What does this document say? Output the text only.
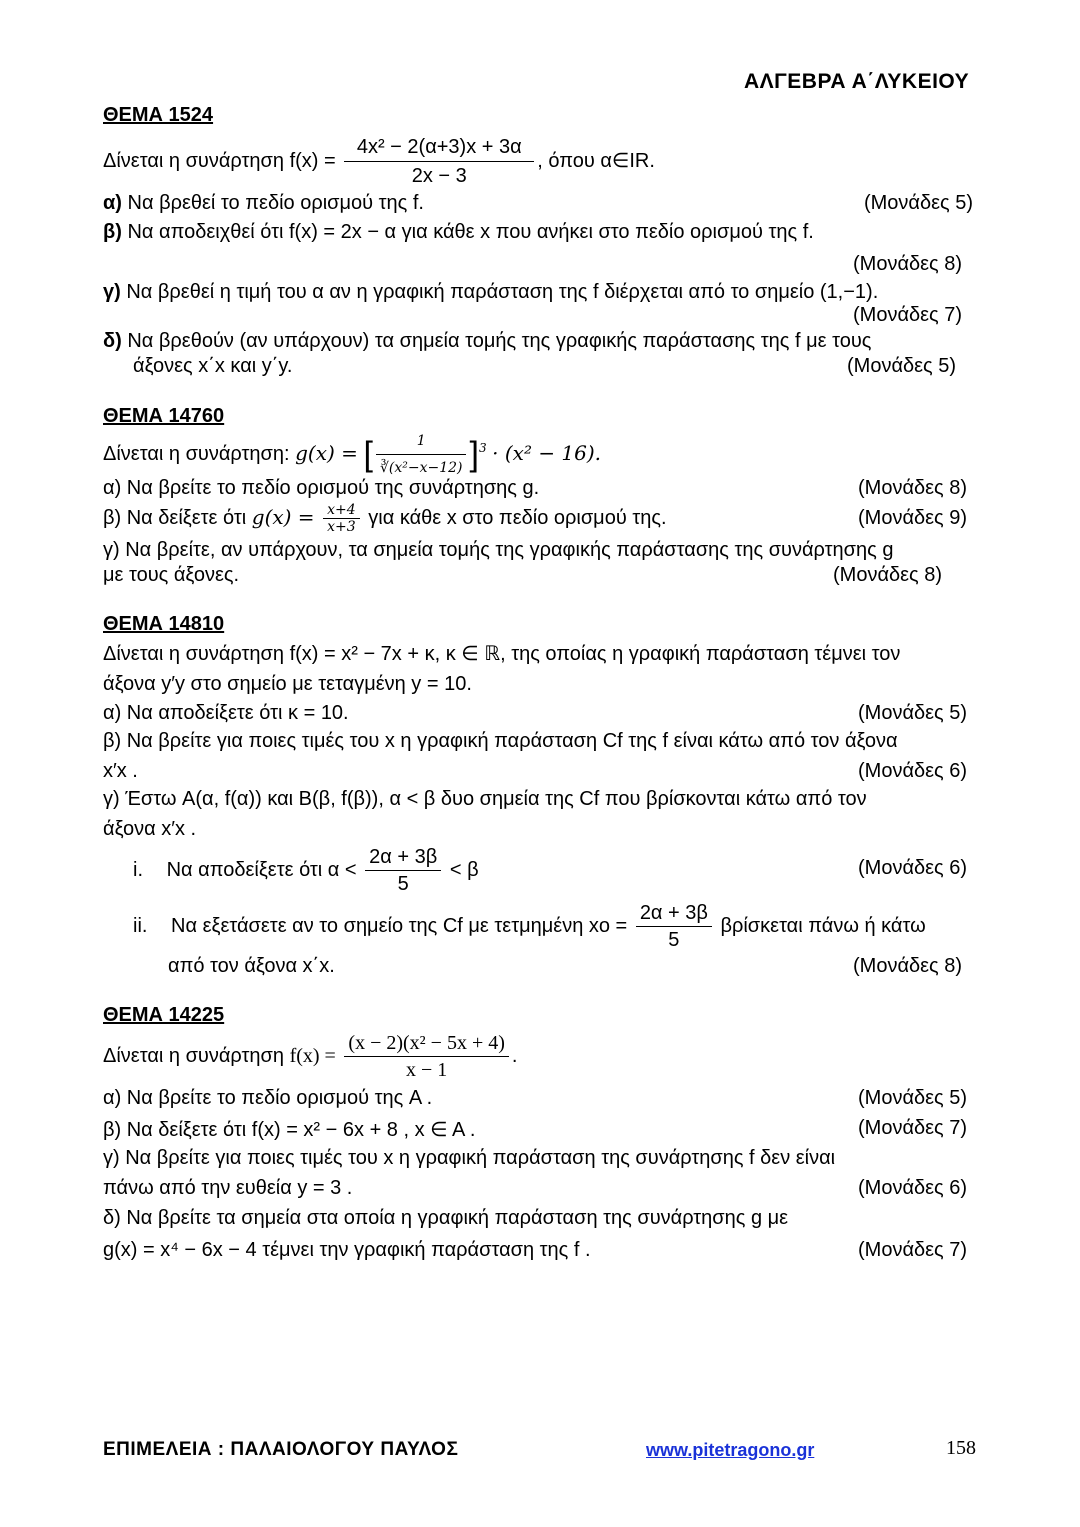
ΑΛΓΕΒΡΑ Α΄ΛΥΚΕΙΟΥ
ΘΕΜΑ 1524
Δίνεται η συνάρτηση $f(x) = \frac{\text{4x² − 2(α+3)x + 3α}}{2x - 3}$ , όπου α∈IR.
α) Να βρεθεί το πεδίο ορισμού της f.	(Μονάδες 5)
β) Να αποδειχθεί ότι f(x) = 2x − α για κάθε x που ανήκει στο πεδίο ορισμού της f.
(Μονάδες 8)
γ) Να βρεθεί η τιμή του α αν η γραφική παράσταση της f διέρχεται από το σημείο (1,−1).
(Μονάδες 7)
δ) Να βρεθούν (αν υπάρχουν) τα σημεία τομής της γραφικής παράστασης της f με τους
άξονες x΄x και y΄y.	(Μονάδες 5)
ΘΕΜΑ 14760
Δίνεται η συνάρτηση: g(x) = [ $\frac{1}{\text{∛(x²−x−12)}} ]^3 \cdot (x^2 - 16)$.
α) Να βρείτε το πεδίο ορισμού της συνάρτησης g.	(Μονάδες 8)
β) Να δείξετε ότι $g(x) = \frac{x+4}{x+3}$ για κάθε x στο πεδίο ορισμού της.	(Μονάδες 9)
γ) Να βρείτε, αν υπάρχουν, τα σημεία τομής της γραφικής παράστασης της συνάρτησης g
με τους άξονες.	(Μονάδες 8)
ΘΕΜΑ 14810
Δίνεται η συνάρτηση f(x) = x² − 7x + κ, κ ∈ ℝ, της οποίας η γραφική παράσταση τέμνει τον
άξονα y′y στο σημείο με τεταγμένη y = 10.
α) Να αποδείξετε ότι κ = 10.	(Μονάδες 5)
β) Να βρείτε για ποιες τιμές του x η γραφική παράσταση Cf της f είναι κάτω από τον άξονα
x′x .	(Μονάδες 6)
γ) Έστω A(α, f(α)) και B(β, f(β)), α < β δυο σημεία της Cf που βρίσκονται κάτω από τον
άξονα x′x .
i. Να αποδείξετε ότι $\alpha < \frac{2\alpha + 3\beta}{5} < \beta$	(Μονάδες 6)
ii. Να εξετάσετε αν το σημείο της Cf με τετμημένη xo = $\frac{2\alpha + 3\beta}{5}$ βρίσκεται πάνω ή κάτω
από τον άξονα x΄x.	(Μονάδες 8)
ΘΕΜΑ 14225
Δίνεται η συνάρτηση $f(x) = \frac{\text{(x − 2)(x² − 5x + 4)}}{x - 1}$ .
α) Να βρείτε το πεδίο ορισμού της A .	(Μονάδες 5)
β) Να δείξετε ότι f(x) = x² − 6x + 8 , x ∈ A .	(Μονάδες 7)
γ) Να βρείτε για ποιες τιμές του x η γραφική παράσταση της συνάρτησης f δεν είναι
πάνω από την ευθεία y = 3 .	(Μονάδες 6)
δ) Να βρείτε τα σημεία στα οποία η γραφική παράσταση της συνάρτησης g με
g(x) = x⁴ − 6x − 4 τέμνει την γραφική παράσταση της f .	(Μονάδες 7)
ΕΠΙΜΕΛΕΙΑ : ΠΑΛΑΙΟΛΟΓΟΥ ΠΑΥΛΟΣ	www.pitetragono.gr	158
